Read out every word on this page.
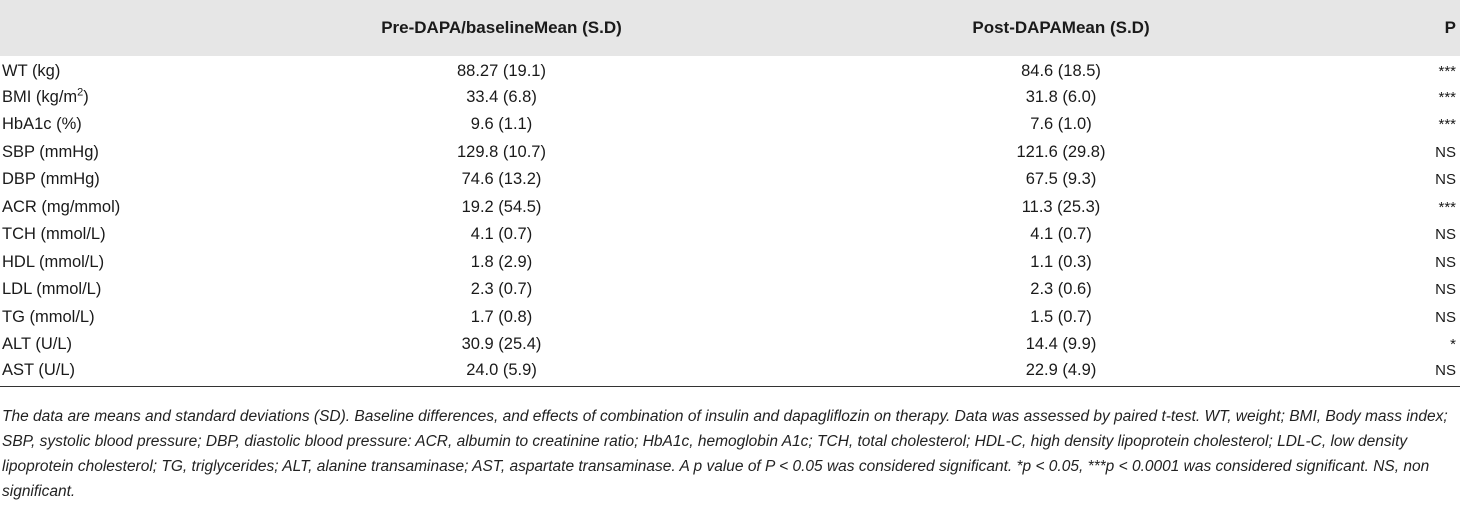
	Pre-DAPA/baselineMean (S.D)	Post-DAPAMean (S.D)	P
WT (kg)	88.27 (19.1)	84.6 (18.5)	***
BMI $(kg/m^2)$	33.4 (6.8)	31.8 (6.0)	***
HbA1c (%)	9.6 (1.1)	7.6 (1.0)	***
SBP (mmHg)	129.8 (10.7)	121.6 (29.8)	NS
DBP (mmHg)	74.6 (13.2)	67.5 (9.3)	NS
ACR (mg/mmol)	19.2 (54.5)	11.3 (25.3)	***
TCH (mmol/L)	4.1 (0.7)	4.1 (0.7)	NS
HDL (mmol/L)	1.8 (2.9)	1.1 (0.3)	NS
LDL (mmol/L)	2.3 (0.7)	2.3 (0.6)	NS
TG (mmol/L)	1.7 (0.8)	1.5 (0.7)	NS
ALT (U/L)	30.9 (25.4)	14.4 (9.9)	*
AST (U/L)	24.0 (5.9)	22.9 (4.9)	NS

The data are means and standard deviations (SD). Baseline differences, and effects of combination of insulin and dapagliflozin on therapy. Data was assessed by paired t-test. WT, weight; BMI, Body mass index; SBP, systolic blood pressure; DBP, diastolic blood pressure: ACR, albumin to creatinine ratio; HbA1c, hemoglobin A1c; TCH, total cholesterol; HDL-C, high density lipoprotein cholesterol; LDL-C, low density lipoprotein cholesterol; TG, triglycerides; ALT, alanine transaminase; AST, aspartate transaminase. A p value of P < 0.05 was considered significant. *p < 0.05, ***p < 0.0001 was considered significant. NS, non significant.
